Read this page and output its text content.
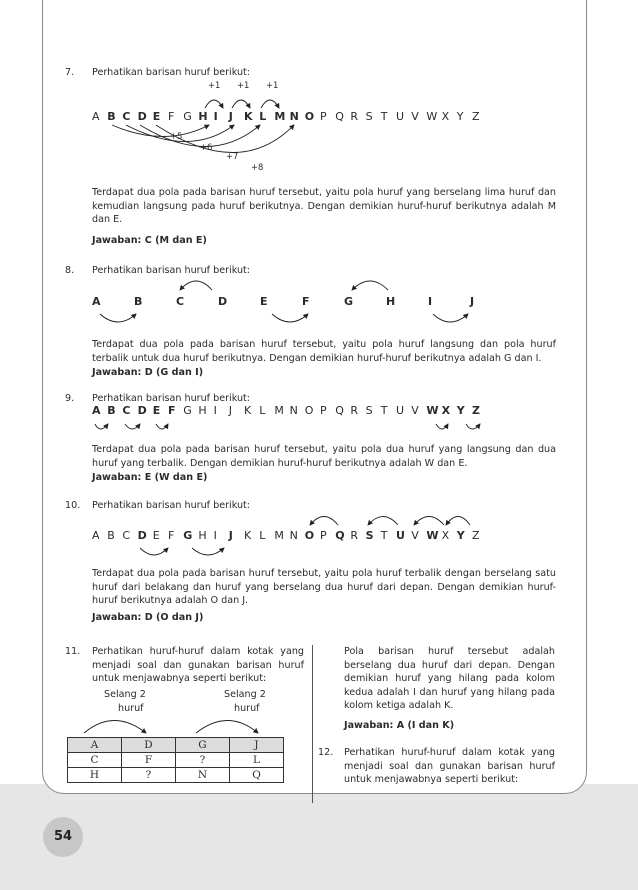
54
7. Perhatikan barisan huruf berikut:
+1 +1 +1
A B C D E F G H I J K L M N O P Q R S T U V W X Y Z
+5
+6
+7
+8
Terdapat dua pola pada barisan huruf tersebut, yaitu pola huruf yang berselang lima huruf dan kemudian langsung pada huruf berikutnya. Dengan demikian huruf-huruf berikutnya adalah M dan E.
Jawaban: C (M dan E)
8. Perhatikan barisan huruf berikut:
A	B	C	D	E	F	G	H	I	J
Terdapat dua pola pada barisan huruf tersebut, yaitu pola huruf langsung dan pola huruf terbalik untuk dua huruf berikutnya. Dengan demikian huruf-huruf berikutnya adalah G dan I.
Jawaban: D (G dan I)
9. Perhatikan barisan huruf berikut:
A B C D E F G H I J K L M N O P Q R S T U V W X Y Z
Terdapat dua pola pada barisan huruf tersebut, yaitu pola dua huruf yang langsung dan dua huruf yang terbalik. Dengan demikian huruf-huruf berikutnya adalah W dan E.
Jawaban: E (W dan E)
10. Perhatikan barisan huruf berikut:
A B C D E F G H I J K L M N O P Q R S T U V W X Y Z
Terdapat dua pola pada barisan huruf tersebut, yaitu pola huruf terbalik dengan berselang satu huruf dari belakang dan huruf yang berselang dua huruf dari depan. Dengan demikian huruf-huruf berikutnya adalah O dan J.
Jawaban: D (O dan J)
11. Perhatikan huruf-huruf dalam kotak yang menjadi soal dan gunakan barisan huruf untuk menjawabnya seperti berikut:
Selang 2
huruf
Selang 2
huruf
A	D	G	J
C	F	?	L
H	?	N	Q
Pola barisan huruf tersebut adalah berselang dua huruf dari depan. Dengan demikian huruf yang hilang pada kolom kedua adalah I dan huruf yang hilang pada kolom ketiga adalah K.
Jawaban: A (I dan K)
12. Perhatikan huruf-huruf dalam kotak yang menjadi soal dan gunakan barisan huruf untuk menjawabnya seperti berikut:
